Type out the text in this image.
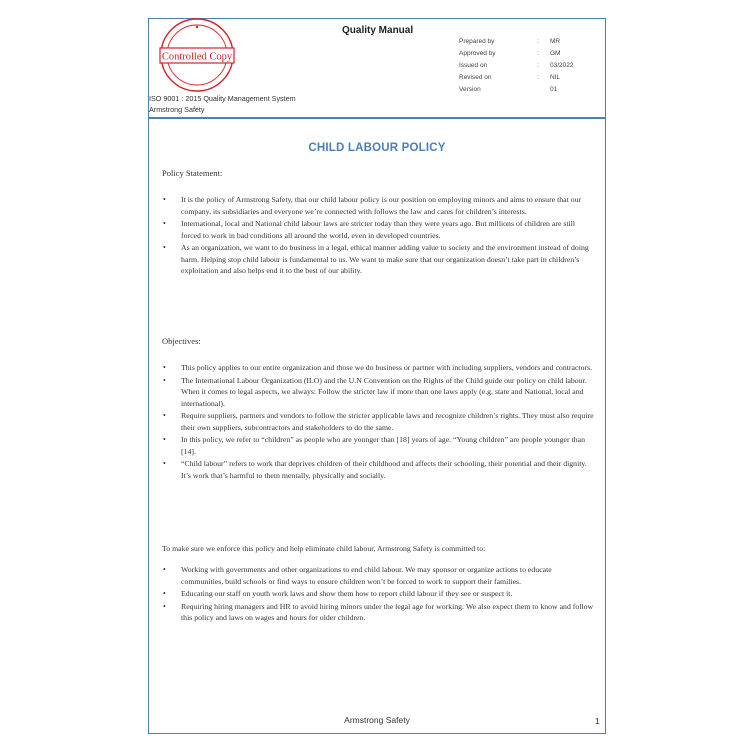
Controlled Copy
Quality Manual
Prepared by	:	MR
Approved by	:	GM
Issued on	:	03/2022
Revised on	:	NIL
Version	01
ISO 9001 : 2015 Quality Management System
Armstrong Safety
CHILD LABOUR POLICY
Policy Statement:
• It is the policy of Armstrong Safety, that our child labour policy is our position on employing minors and aims to ensure that our company, its subsidiaries and everyone we’re connected with follows the law and cares for children’s interests.
• International, local and National child labour laws are stricter today than they were years ago. But millions of children are still forced to work in bad conditions all around the world, even in developed countries.
• As an organization, we want to do business in a legal, ethical manner adding value to society and the environment instead of doing harm. Helping stop child labour is fundamental to us. We want to make sure that our organization doesn’t take part in children’s exploitation and also helps end it to the best of our ability.
Objectives:
• This policy applies to our entire organization and those we do business or partner with including suppliers, vendors and contractors.
• The International Labour Organization (ILO) and the U.N Convention on the Rights of the Child guide our policy on child labour. When it comes to legal aspects, we always: Follow the stricter law if more than one laws apply (e.g. state and National, local and international).
• Require suppliers, partners and vendors to follow the stricter applicable laws and recognize children’s rights. They must also require their own suppliers, subcontractors and stakeholders to do the same.
• In this policy, we refer to “children” as people who are younger than [18] years of age. “Young children” are people younger than [14].
• “Child labour” refers to work that deprives children of their childhood and affects their schooling, their potential and their dignity. It’s work that’s harmful to them mentally, physically and socially.
To make sure we enforce this policy and help eliminate child labour, Armstrong Safety is committed to:
• Working with governments and other organizations to end child labour. We may sponsor or organize actions to educate communities, build schools or find ways to ensure children won’t be forced to work to support their families.
• Educating our staff on youth work laws and show them how to report child labour if they see or suspect it.
• Requiring hiring managers and HR to avoid hiring minors under the legal age for working. We also expect them to know and follow this policy and laws on wages and hours for older children.
Armstrong Safety	1
